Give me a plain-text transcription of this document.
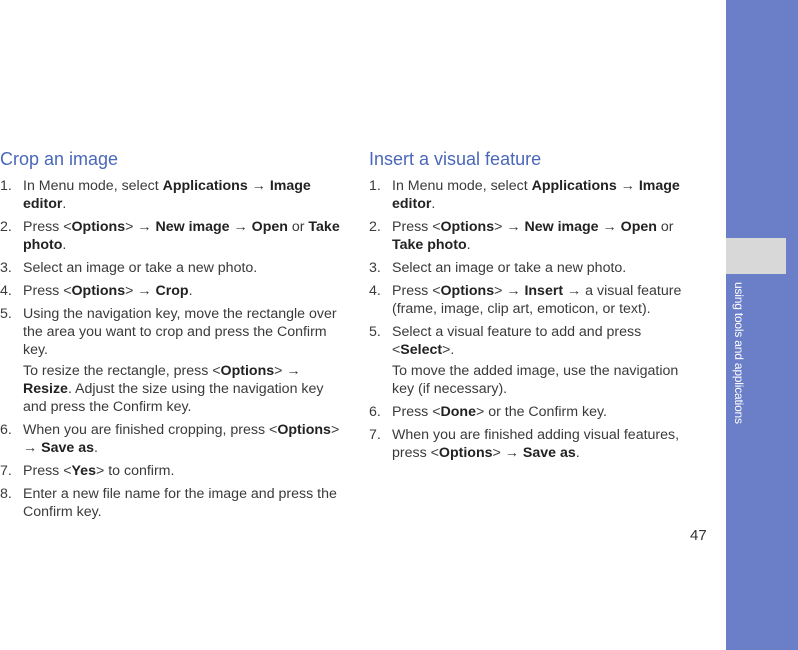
using tools and applications
Crop an image
1. In Menu mode, select Applications → Image editor.
2. Press <Options> → New image → Open or Take photo.
3. Select an image or take a new photo.
4. Press <Options> → Crop.
5. Using the navigation key, move the rectangle over the area you want to crop and press the Confirm key.
To resize the rectangle, press <Options> → Resize. Adjust the size using the navigation key and press the Confirm key.
6. When you are finished cropping, press <Options> → Save as.
7. Press <Yes> to confirm.
8. Enter a new file name for the image and press the Confirm key.
Insert a visual feature
1. In Menu mode, select Applications → Image editor.
2. Press <Options> → New image → Open or Take photo.
3. Select an image or take a new photo.
4. Press <Options> → Insert → a visual feature (frame, image, clip art, emoticon, or text).
5. Select a visual feature to add and press <Select>.
To move the added image, use the navigation key (if necessary).
6. Press <Done> or the Confirm key.
7. When you are finished adding visual features, press <Options> → Save as.
47
